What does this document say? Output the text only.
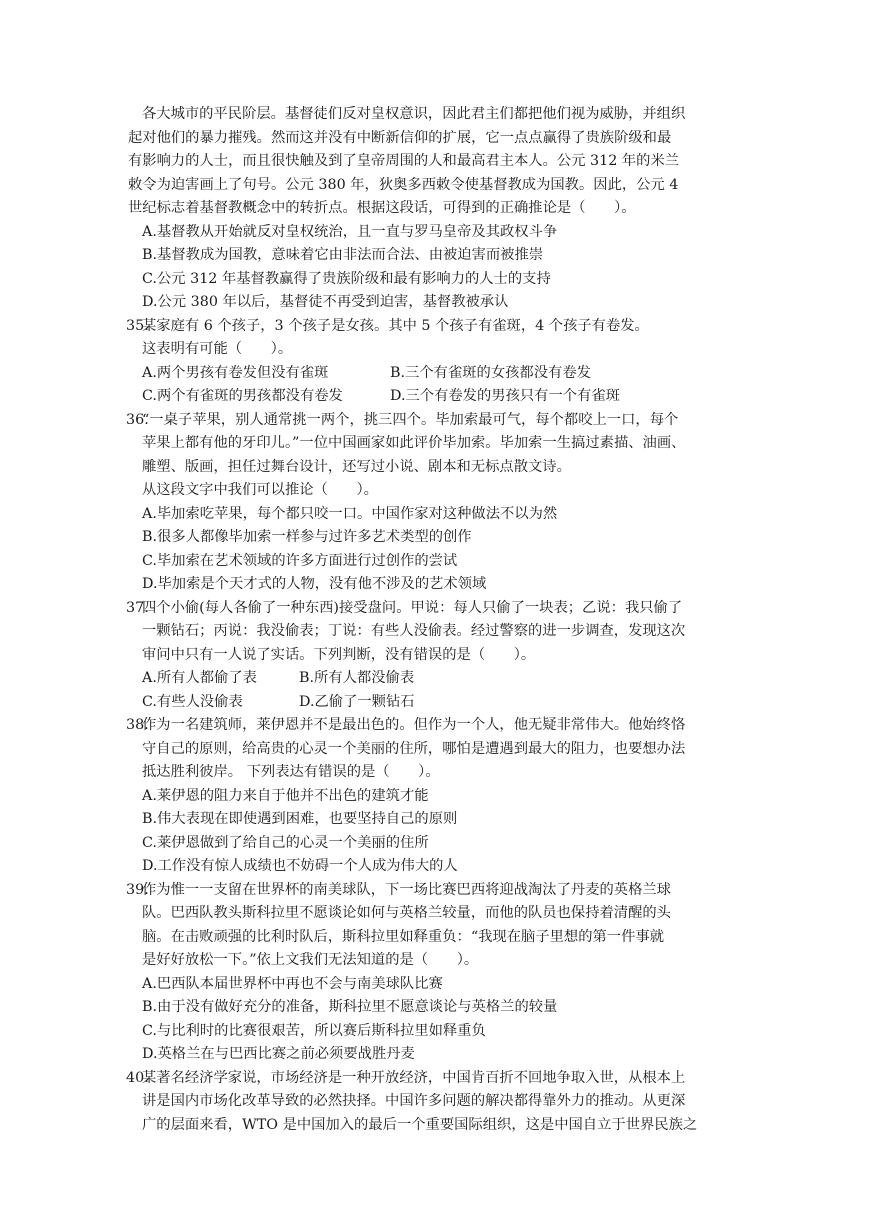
各大城市的平民阶层。基督徒们反对皇权意识，因此君主们都把他们视为威胁，并组织

起对他们的暴力摧残。然而这并没有中断新信仰的扩展，它一点点赢得了贵族阶级和最

有影响力的人士，而且很快触及到了皇帝周围的人和最高君主本人。公元 312 年的米兰

敕令为迫害画上了句号。公元 380 年，狄奥多西敕令使基督教成为国教。因此，公元 4

世纪标志着基督教概念中的转折点。根据这段话，可得到的正确推论是（　　）。

A.基督教从开始就反对皇权统治，且一直与罗马皇帝及其政权斗争

B.基督教成为国教，意味着它由非法而合法、由被迫害而被推崇

C.公元 312 年基督教赢得了贵族阶级和最有影响力的人士的支持

D.公元 380 年以后，基督徒不再受到迫害，基督教被承认

35.

某家庭有 6 个孩子，3 个孩子是女孩。其中 5 个孩子有雀斑，4 个孩子有卷发。

这表明有可能（　　）。

A.两个男孩有卷发但没有雀斑	B.三个有雀斑的女孩都没有卷发
C.两个有雀斑的男孩都没有卷发	D.三个有卷发的男孩只有一个有雀斑
36.

“一桌子苹果，别人通常挑一两个，挑三四个。毕加索最可气，每个都咬上一口，每个

苹果上都有他的牙印儿。”一位中国画家如此评价毕加索。毕加索一生搞过素描、油画、

雕塑、版画，担任过舞台设计，还写过小说、剧本和无标点散文诗。

从这段文字中我们可以推论（　　）。

A.毕加索吃苹果，每个都只咬一口。中国作家对这种做法不以为然

B.很多人都像毕加索一样参与过许多艺术类型的创作

C.毕加索在艺术领域的许多方面进行过创作的尝试

D.毕加索是个天才式的人物，没有他不涉及的艺术领域

37.

四个小偷(每人各偷了一种东西)接受盘问。甲说：每人只偷了一块表；乙说：我只偷了

一颗钻石；丙说：我没偷表；丁说：有些人没偷表。经过警察的进一步调查，发现这次

审问中只有一人说了实话。下列判断，没有错误的是（　　）。

A.所有人都偷了表	B.所有人都没偷表
C.有些人没偷表	D.乙偷了一颗钻石
38.

作为一名建筑师，莱伊恩并不是最出色的。但作为一个人，他无疑非常伟大。他始终恪

守自己的原则，给高贵的心灵一个美丽的住所，哪怕是遭遇到最大的阻力，也要想办法

抵达胜利彼岸。 下列表达有错误的是（　　）。

A.莱伊恩的阻力来自于他并不出色的建筑才能

B.伟大表现在即使遇到困难，也要坚持自己的原则

C.莱伊恩做到了给自己的心灵一个美丽的住所

D.工作没有惊人成绩也不妨碍一个人成为伟大的人

39.

作为惟一一支留在世界杯的南美球队，下一场比赛巴西将迎战淘汰了丹麦的英格兰球

队。巴西队教头斯科拉里不愿谈论如何与英格兰较量，而他的队员也保持着清醒的头

脑。在击败顽强的比利时队后，斯科拉里如释重负：“我现在脑子里想的第一件事就

是好好放松一下。”依上文我们无法知道的是（　　）。

A.巴西队本届世界杯中再也不会与南美球队比赛

B.由于没有做好充分的准备，斯科拉里不愿意谈论与英格兰的较量

C.与比利时的比赛很艰苦，所以赛后斯科拉里如释重负

D.英格兰在与巴西比赛之前必须要战胜丹麦

40.

某著名经济学家说，市场经济是一种开放经济，中国肯百折不回地争取入世，从根本上

讲是国内市场化改革导致的必然抉择。中国许多问题的解决都得靠外力的推动。从更深

广的层面来看，WTO 是中国加入的最后一个重要国际组织，这是中国自立于世界民族之
